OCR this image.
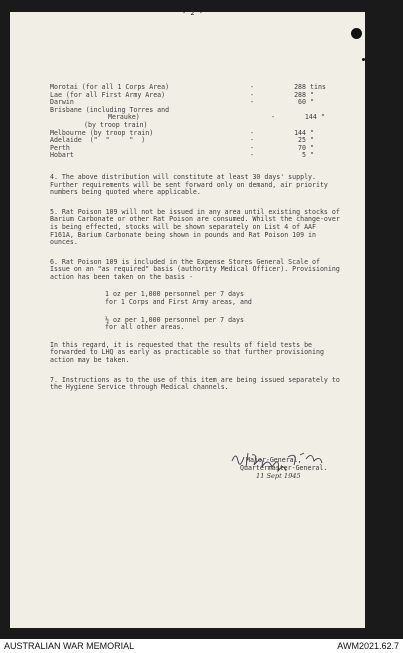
- 2 -
Morotai (for all 1 Corps Area)	-	288 tins
Lae (for all First Army Area)	-	288 "
Darwin	-	60 "
Brisbane (including Torres and
Merauke)	-	144 "
(by troop train)
Melbourne (by troop train)	-	144 "
Adelaide  ("  "     "  )	-	25 "
Perth	-	70 "
Hobart	-	5 "
4. The above distribution will constitute at least 30 days' supply. Further requirements will be sent forward only on demand, air priority numbers being quoted where applicable.
5. Rat Poison 109 will not be issued in any area until existing stocks of Barium Carbonate or other Rat Poison are consumed. Whilst the change-over is being effected, stocks will be shown separately on List 4 of AAF F161A, Barium Carbonate being shown in pounds and Rat Poison 109 in ounces.
6. Rat Poison 109 is included in the Expense Stores General Scale of Issue on an "as required" basis (authority Medical Officer). Provisioning action has been taken on the basis -
1 oz per 1,000 personnel per 7 days
for 1 Corps and First Army areas, and
½ oz per 1,000 personnel per 7 days
for all other areas.
In this regard, it is requested that the results of field tests be forwarded to LHQ as early as practicable so that further provisioning action may be taken.
7. Instructions as to the use of this item are being issued separately to the Hygiene Service through Medical channels.
Major-General,
Quartermaster-General.
11 Sept 1945
AUSTRALIAN WAR MEMORIAL	AWM2021.62.7
